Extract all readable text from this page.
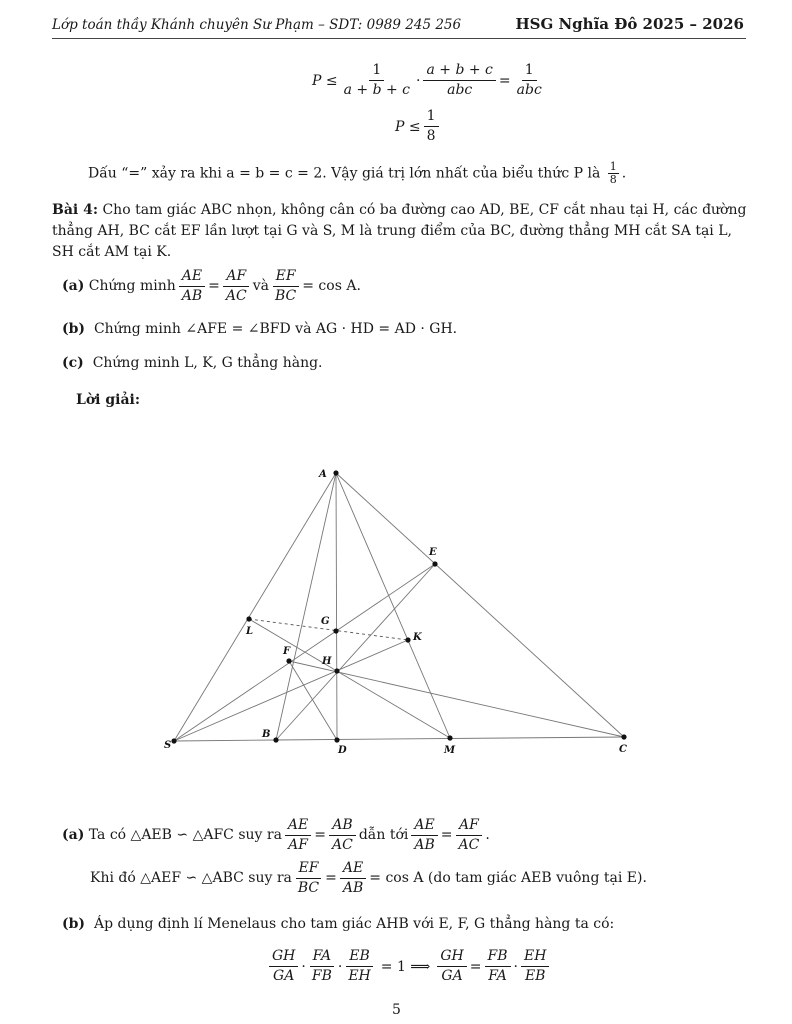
Lớp toán thầy Khánh chuyên Sư Phạm – SDT: 0989 245 256	HSG Nghĩa Đô 2025 – 2026
$P \le \frac{1}{a + b + c} \cdot \frac{a + b + c}{\text{abc}} = \frac{1}{\text{abc}}$
$P \le \frac{1}{8}$
Dấu “=” xảy ra khi a = b = c = 2. Vậy giá trị lớn nhất của biểu thức P là $\frac{1}{8}$ .
Bài 4: Cho tam giác ABC nhọn, không cân có ba đường cao AD, BE, CF cắt nhau tại H, các đường
thẳng AH, BC cắt EF lần lượt tại G và S, M là trung điểm của BC, đường thẳng MH cắt SA tại L,
SH cắt AM tại K.
(a)
Chứng minh $\frac{AE}{AB} = \frac{AF}{AC}$ và $\frac{EF}{BC} = \cos A$.
(b) Chứng minh ∠AFE = ∠BFD và AG · HD = AD · GH.
(c) Chứng minh L, K, G thẳng hàng.
Lời giải:
A
E
L
G
K
F
H
S
B
D	M	C
(a)
Ta có △AEB ∽ △AFC suy ra $\frac{AE}{AF} = \frac{AB}{AC}$ dẫn tới $\frac{AE}{AB} = \frac{AF}{AC}$ .
Khi đó △AEF ∽ △ABC suy ra $\frac{EF}{BC} = \frac{AE}{AB} = \cos A$ (do tam giác AEB vuông tại E).
(b) Áp dụng định lí Menelaus cho tam giác AHB với E, F, G thẳng hàng ta có:
$\frac{GH}{GA} \cdot \frac{FA}{FB} \cdot \frac{EB}{EH} = 1$ ⟹ $\frac{GH}{GA} = \frac{FB}{FA} \cdot \frac{EH}{EB}$
5
